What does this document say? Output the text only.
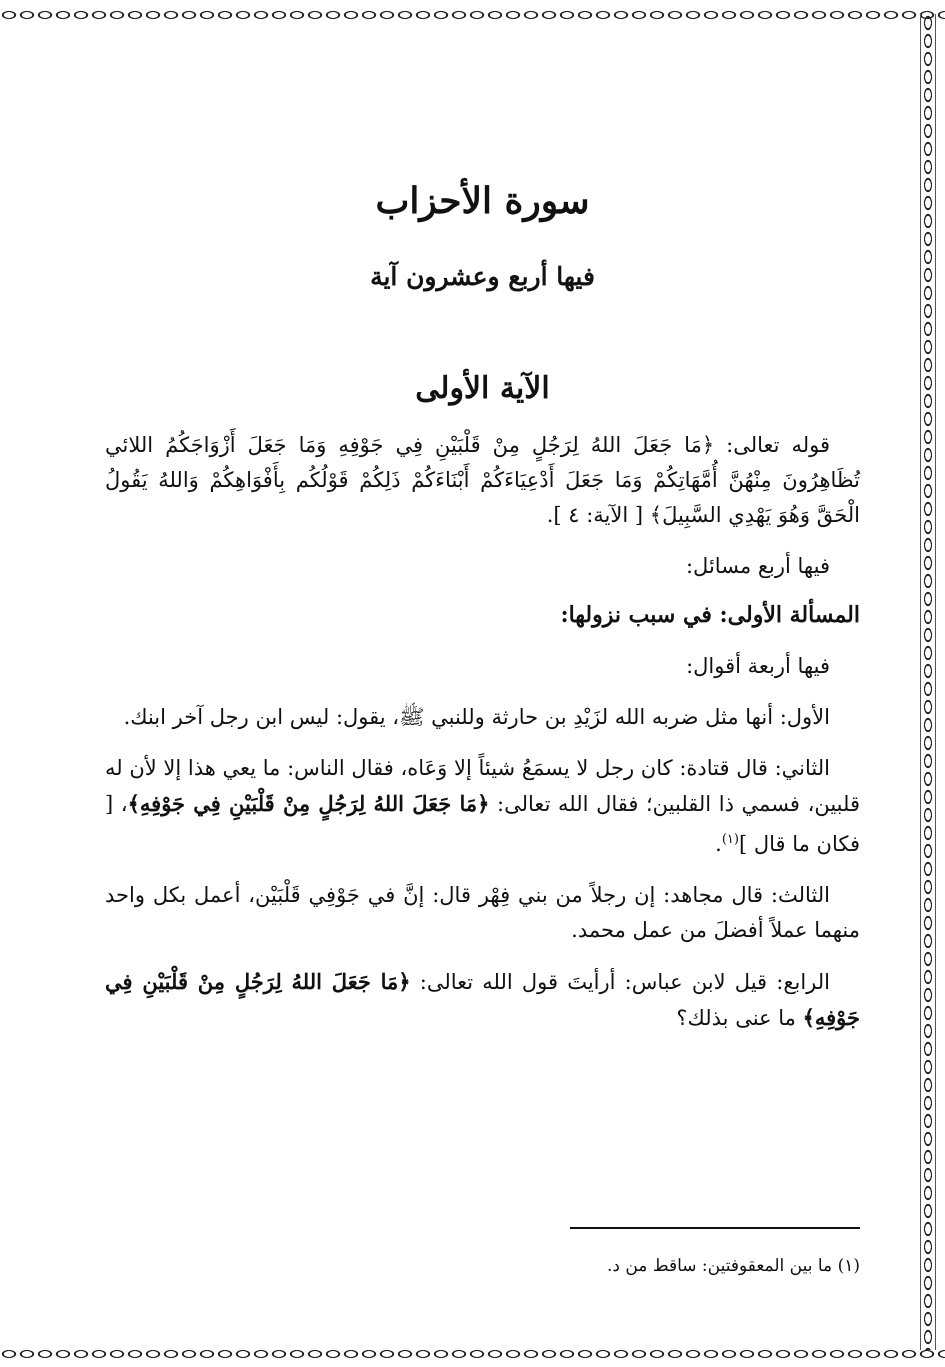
سورة الأحزاب
فيها أربع وعشرون آية
الآية الأولى

قوله تعالى: ﴿مَا جَعَلَ اللهُ لِرَجُلٍ مِنْ قَلْبَيْنِ فِي جَوْفِهِ وَمَا جَعَلَ أَزْوَاجَكُمُ اللائي تُظَاهِرُونَ مِنْهُنَّ أُمَّهَاتِكُمْ وَمَا جَعَلَ أَدْعِيَاءَكُمْ أَبْنَاءَكُمْ ذَلِكُمْ قَوْلُكُم بِأَفْوَاهِكُمْ وَاللهُ يَقُولُ الْحَقَّ وَهُوَ يَهْدِي السَّبِيلَ﴾ [ الآية: ٤ ].

فيها أربع مسائل:

المسألة الأولى: في سبب نزولها:

فيها أربعة أقوال:

الأول: أنها مثل ضربه الله لزَيْدِ بن حارثة وللنبي ﷺ، يقول: ليس ابن رجل آخر ابنك.

الثاني: قال قتادة: كان رجل لا يسمَعُ شيئاً إلا وَعَاه، فقال الناس: ما يعي هذا إلا لأن له قلبين، فسمي ذا القلبين؛ فقال الله تعالى: ﴿مَا جَعَلَ اللهُ لِرَجُلٍ مِنْ قَلْبَيْنِ فِي جَوْفِهِ﴾، [ فكان ما قال ]$^{(١)}$.

الثالث: قال مجاهد: إن رجلاً من بني فِهْر قال: إنَّ في جَوْفِي قَلْبَيْن، أعمل بكل واحد منهما عملاً أفضلَ من عمل محمد.

الرابع: قيل لابن عباس: أرأيتَ قول الله تعالى: ﴿مَا جَعَلَ اللهُ لِرَجُلٍ مِنْ قَلْبَيْنِ فِي جَوْفِهِ﴾ ما عنى بذلك؟

(١) ما بين المعقوفتين: ساقط من د.
